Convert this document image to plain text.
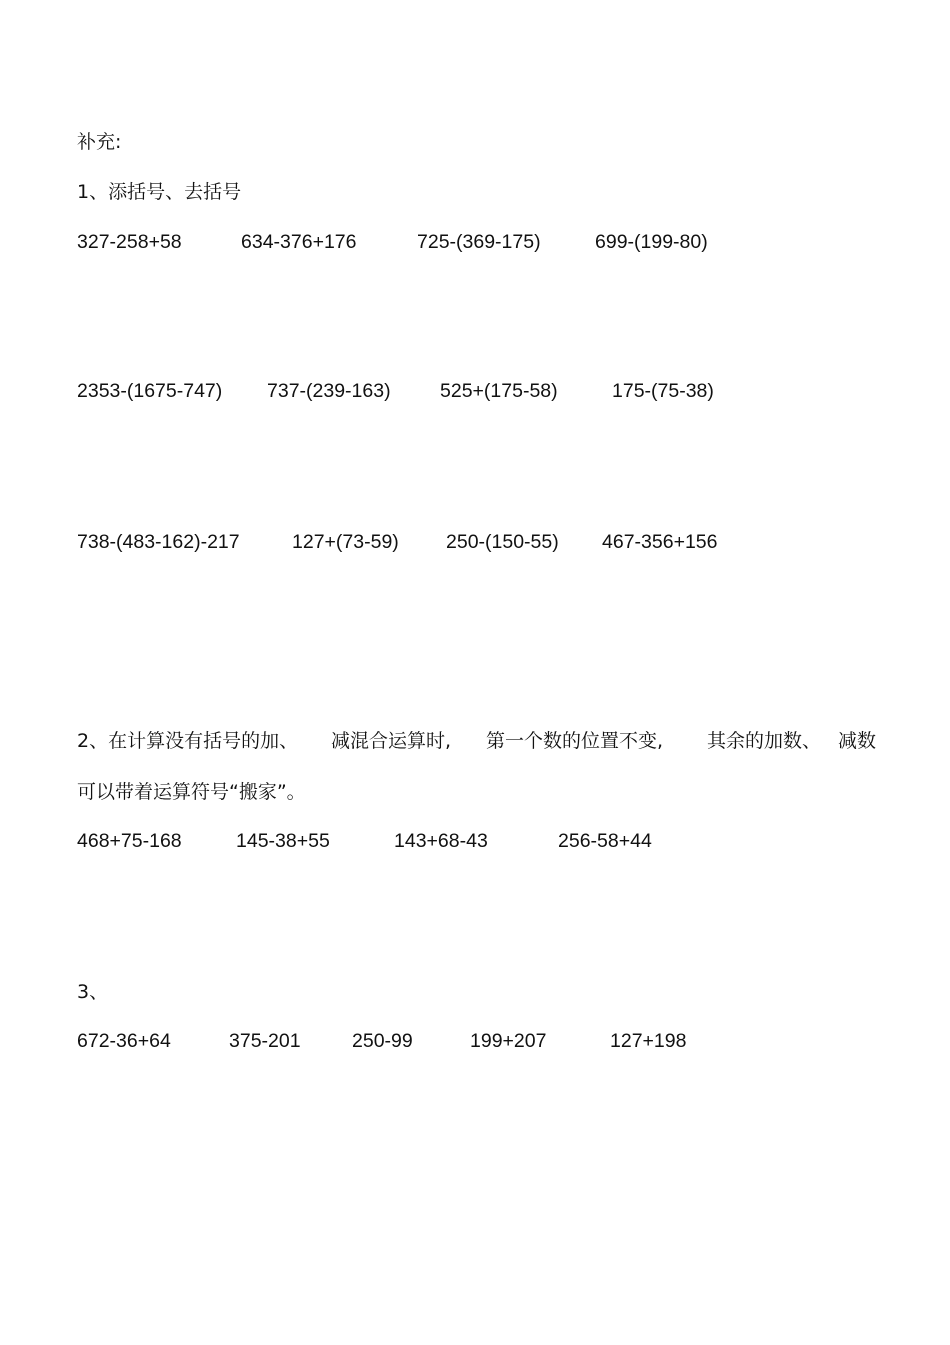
补充:
1、添括号、去括号
327-258+58	634-376+176	725-(369-175)	699-(199-80)
2353-(1675-747) 737-(239-163)	525+(175-58)	175-(75-38)
738-(483-162)-217	127+(73-59) 250-(150-55) 467-356+156
2、在计算没有括号的加、 减混合运算时, 第一个数的位置不变, 其余的加数、 减数
可以带着运算符号“搬家”。
468+75-168	145-38+55	143+68-43	256-58+44
3、
672-36+64	375-201	250-99	199+207	127+198
